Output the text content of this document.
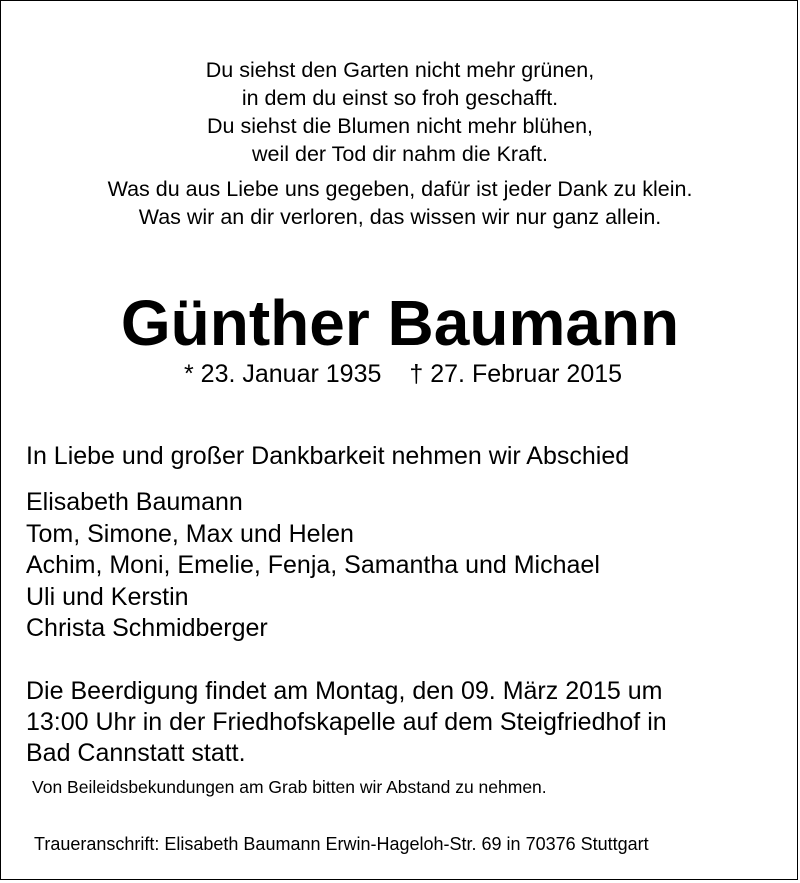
Du siehst den Garten nicht mehr grünen,
in dem du einst so froh geschafft.
Du siehst die Blumen nicht mehr blühen,
weil der Tod dir nahm die Kraft.
Was du aus Liebe uns gegeben, dafür ist jeder Dank zu klein.
Was wir an dir verloren, das wissen wir nur ganz allein.
Günther Baumann
* 23. Januar 1935 † 27. Februar 2015
In Liebe und großer Dankbarkeit nehmen wir Abschied
Elisabeth Baumann
Tom, Simone, Max und Helen
Achim, Moni, Emelie, Fenja, Samantha und Michael
Uli und Kerstin
Christa Schmidberger
Die Beerdigung findet am Montag, den 09. März 2015 um
13:00 Uhr in der Friedhofskapelle auf dem Steigfriedhof in
Bad Cannstatt statt.
Von Beileidsbekundungen am Grab bitten wir Abstand zu nehmen.
Traueranschrift: Elisabeth Baumann Erwin-Hageloh-Str. 69 in 70376 Stuttgart
